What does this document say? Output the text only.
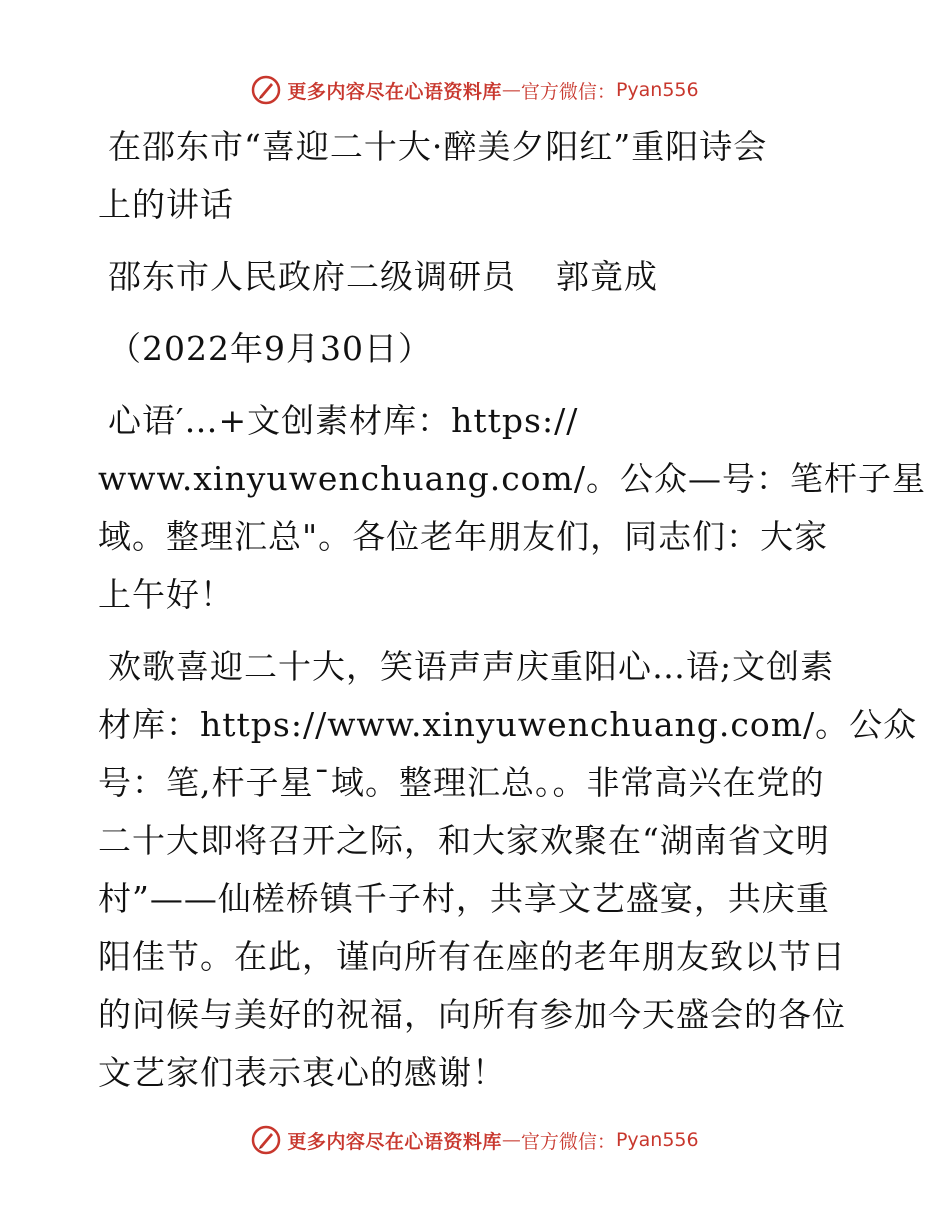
更多内容尽在心语资料库 — 官方微信： Pyan556
在邵东市“喜迎二十大·醉美夕阳红”重阳诗会
上的讲话
邵东市人民政府二级调研员 郭竟成
（2022年9月30日）
心语′…+文创素材库：https://
www.xinyuwenchuang.com/。公众—号：笔杆子星
域。整理汇总"。各位老年朋友们，同志们：大家
上午好！
欢歌喜迎二十大，笑语声声庆重阳心…语;文创素
材库：https://www.xinyuwenchuang.com/。公众
号：笔,杆子星¯域。整理汇总。。非常高兴在党的
二十大即将召开之际，和大家欢聚在“湖南省文明
村”——仙槎桥镇千子村，共享文艺盛宴，共庆重
阳佳节。在此，谨向所有在座的老年朋友致以节日
的问候与美好的祝福，向所有参加今天盛会的各位
文艺家们表示衷心的感谢！
更多内容尽在心语资料库 — 官方微信： Pyan556
